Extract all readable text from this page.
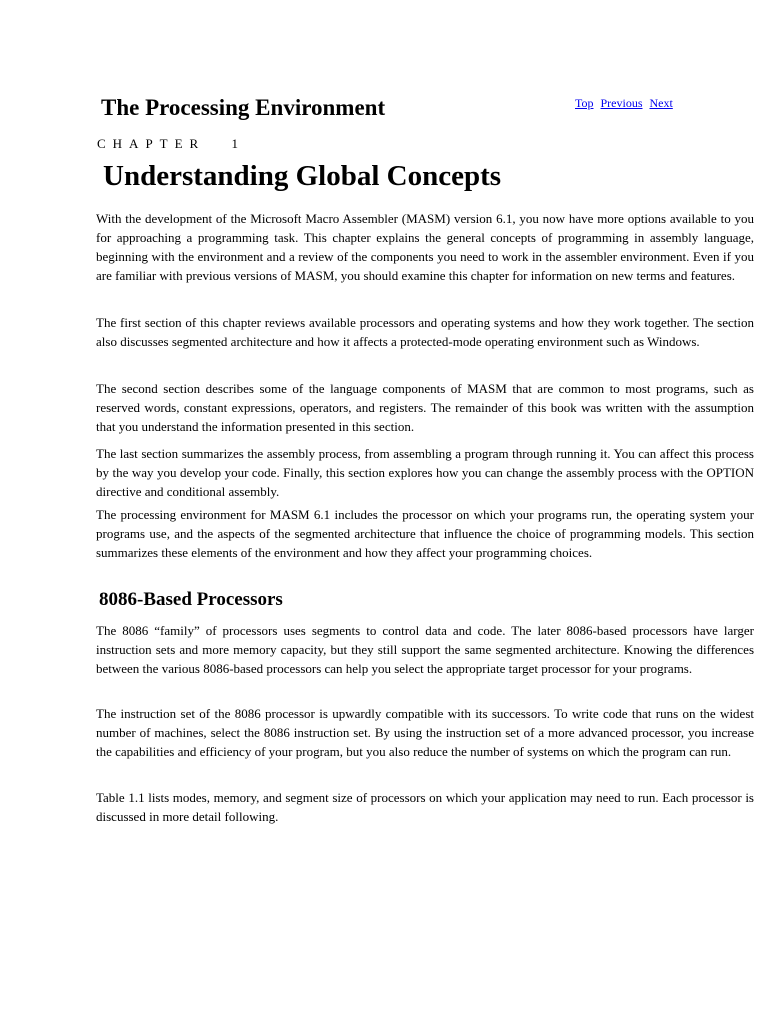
The Processing Environment	Top Previous Next
CHAPTER 1
Understanding Global Concepts

With the development of the Microsoft Macro Assembler (MASM) version 6.1, you now have more options available to you for approaching a programming task. This chapter explains the general concepts of programming in assembly language, beginning with the environment and a review of the components you need to work in the assembler environment. Even if you are familiar with previous versions of MASM, you should examine this chapter for information on new terms and features.

The first section of this chapter reviews available processors and operating systems and how they work together. The section also discusses segmented architecture and how it affects a protected-mode operating environment such as Windows.

The second section describes some of the language components of MASM that are common to most programs, such as reserved words, constant expressions, operators, and registers. The remainder of this book was written with the assumption that you understand the information presented in this section.

The last section summarizes the assembly process, from assembling a program through running it. You can affect this process by the way you develop your code. Finally, this section explores how you can change the assembly process with the OPTION directive and conditional assembly.

The processing environment for MASM 6.1 includes the processor on which your programs run, the operating system your programs use, and the aspects of the segmented architecture that influence the choice of programming models. This section summarizes these elements of the environment and how they affect your programming choices.

8086-Based Processors

The 8086 “family” of processors uses segments to control data and code. The later 8086-based processors have larger instruction sets and more memory capacity, but they still support the same segmented architecture. Knowing the differences between the various 8086-based processors can help you select the appropriate target processor for your programs.

The instruction set of the 8086 processor is upwardly compatible with its successors. To write code that runs on the widest number of machines, select the 8086 instruction set. By using the instruction set of a more advanced processor, you increase the capabilities and efficiency of your program, but you also reduce the number of systems on which the program can run.

Table 1.1 lists modes, memory, and segment size of processors on which your application may need to run. Each processor is discussed in more detail following.
